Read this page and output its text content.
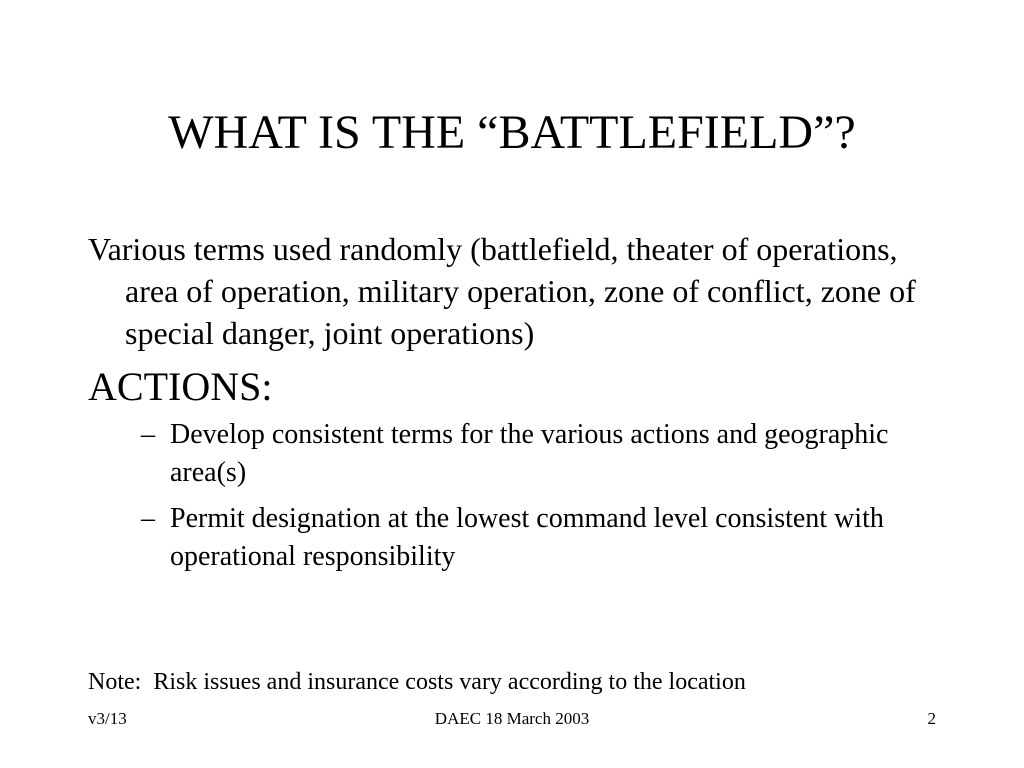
WHAT IS THE “BATTLEFIELD”?

Various terms used randomly (battlefield, theater of operations, area of operation, military operation, zone of conflict, zone of special danger, joint operations)

ACTIONS:

– Develop consistent terms for the various actions and geographic area(s)
– Permit designation at the lowest command level consistent with operational responsibility
Note:  Risk issues and insurance costs vary according to the location
v3/13	DAEC 18 March 2003	2
